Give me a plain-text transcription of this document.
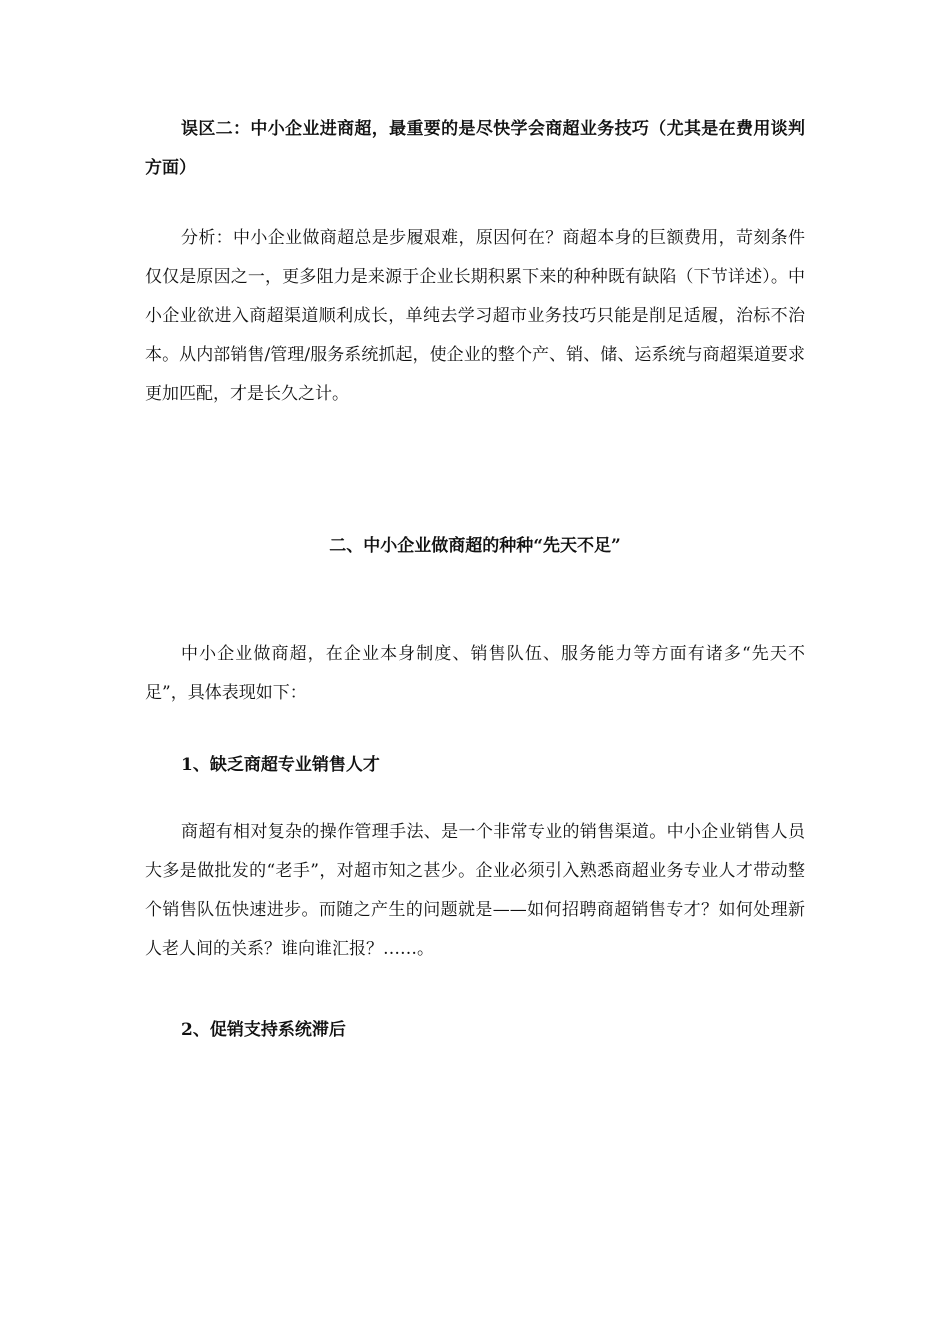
误区二：中小企业进商超，最重要的是尽快学会商超业务技巧（尤其是在费用谈判方面）

分析：中小企业做商超总是步履艰难，原因何在？商超本身的巨额费用，苛刻条件仅仅是原因之一，更多阻力是来源于企业长期积累下来的种种既有缺陷（下节详述）。中小企业欲进入商超渠道顺利成长，单纯去学习超市业务技巧只能是削足适履，治标不治本。从内部销售/管理/服务系统抓起，使企业的整个产、销、储、运系统与商超渠道要求更加匹配，才是长久之计。

二、中小企业做商超的种种“先天不足”

中小企业做商超，在企业本身制度、销售队伍、服务能力等方面有诸多“先天不足”，具体表现如下：

1、缺乏商超专业销售人才

商超有相对复杂的操作管理手法、是一个非常专业的销售渠道。中小企业销售人员大多是做批发的“老手”，对超市知之甚少。企业必须引入熟悉商超业务专业人才带动整个销售队伍快速进步。而随之产生的问题就是——如何招聘商超销售专才？如何处理新人老人间的关系？谁向谁汇报？……。

2、促销支持系统滞后
